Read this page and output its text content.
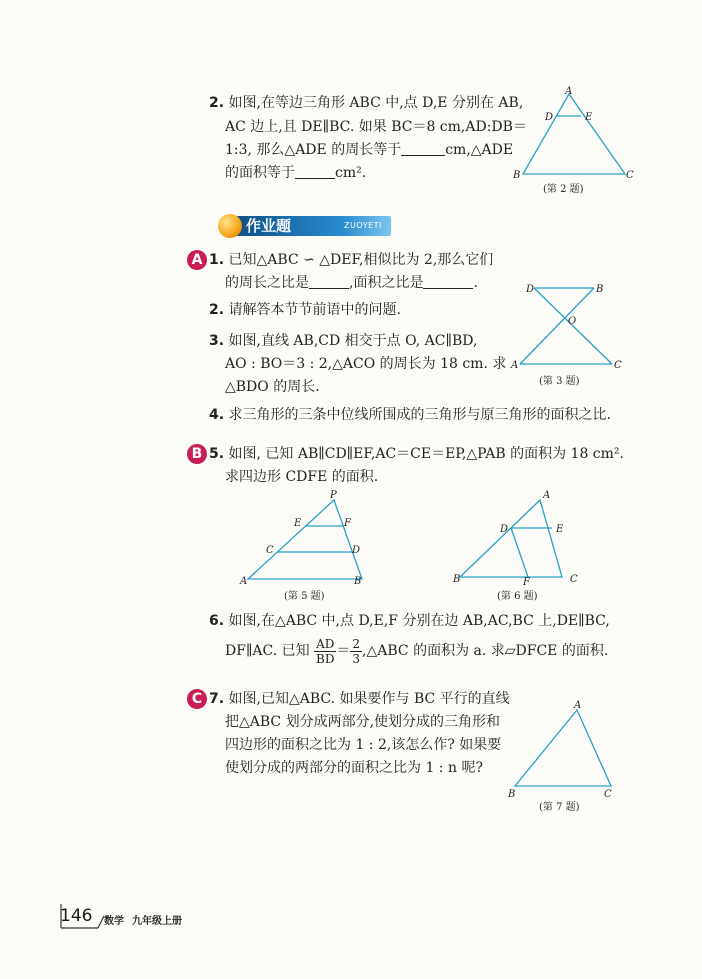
2. 如图,在等边三角形 ABC 中,点 D,E 分别在 AB,
AC 边上,且 DE∥BC. 如果 BC＝8 cm,AD:DB＝
1:3, 那么△ADE 的周长等于	cm,△ADE
的面积等于	cm².
A
D	E
B	C
(第 2 题)
作业题	ZUOYETI
A 1. 已知△ABC ∽ △DEF,相似比为 2,那么它们
的周长之比是	,面积之比是	.
2. 请解答本节节前语中的问题.
3. 如图,直线 AB,CD 相交于点 O, AC∥BD,
AO : BO＝3 : 2,△ACO 的周长为 18 cm. 求
△BDO 的周长.
D	B
O
A	C
(第 3 题)
4. 求三角形的三条中位线所围成的三角形与原三角形的面积之比.
B 5. 如图, 已知 AB∥CD∥EF,AC＝CE＝EP,△PAB 的面积为 18 cm².
求四边形 CDFE 的面积.
P
E	F
C	D
A	B
(第 5 题)
A
D	E
B	F	C
(第 6 题)
6. 如图,在△ABC 中,点 D,E,F 分别在边 AB,AC,BC 上,DE∥BC,
DF∥AC. 已知 $\frac{AD}{BD} = \frac{2}{3}$ ,△ABC 的面积为 a. 求▱DFCE 的面积.
C 7. 如图,已知△ABC. 如果要作与 BC 平行的直线
把△ABC 划分成两部分,使划分成的三角形和
四边形的面积之比为 1 : 2,该怎么作? 如果要
使划分成的两部分的面积之比为 1 : n 呢?
A
B	C
(第 7 题)
146 数学 九年级上册
